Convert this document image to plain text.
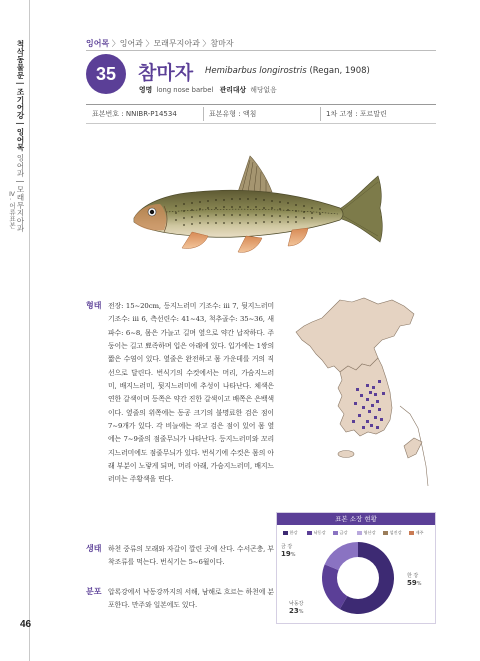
척삭동물문 | 조기어강 | 잉어목 잉어과 | 모래무지아과
Ⅳ. 어류표본
46
잉어목 〉잉어과 〉모래무지아과 〉참마자
35	참마자 Hemibarbus longirostris (Regan, 1908)
영명 long nose barbel 관리대상 해당없음
표본번호 : NNIBR-P14534	표본유형 : 액침	1차 고정 : 포르말린
형태 전장: 15~20cm, 등지느러미 기조수: iii 7, 뒷지느러미 기조수: iii 6, 측선린수: 41~43, 척추골수: 35~36, 새파수: 6~8, 몸은 가늘고 길며 옆으로 약간 납작하다. 주둥이는 길고 뾰족하며 입은 아래에 있다. 입가에는 1쌍의 짧은 수염이 있다. 옆줄은 완전하고 몸 가운데를 거의 직선으로 달린다. 번식기의 수컷에서는 머리, 가슴지느러미, 배지느러미, 뒷지느러미에 추성이 나타난다. 체색은 연한 갈색이며 등쪽은 약간 진한 갈색이고 배쪽은 은백색이다. 옆줄의 위쪽에는 동공 크기의 불명료한 검은 점이 7~9개가 있다. 각 비늘에는 작고 검은 점이 있어 몸 옆에는 7~9줄의 점줄무늬가 나타난다. 등지느러미와 꼬리지느러미에도 점줄무늬가 있다. 번식기에 수컷은 몸의 아래 부분이 노랗게 되며, 머리 아래, 가슴지느러미, 배지느러미는 주황색을 띤다.
생태 하천 중류의 모래와 자갈이 깔린 곳에 산다. 수서곤충, 부착조류를 먹는다. 번식기는 5~6월이다.
분포 압록강에서 낙동강까지의 서해, 남해로 흐르는 하천에 분포한다. 만주와 일본에도 있다.
표본 소장 현황
한강	낙동강	금강	영산강	섬진강	제주
금 강
19%
한 강
59%
낙동강
23%
